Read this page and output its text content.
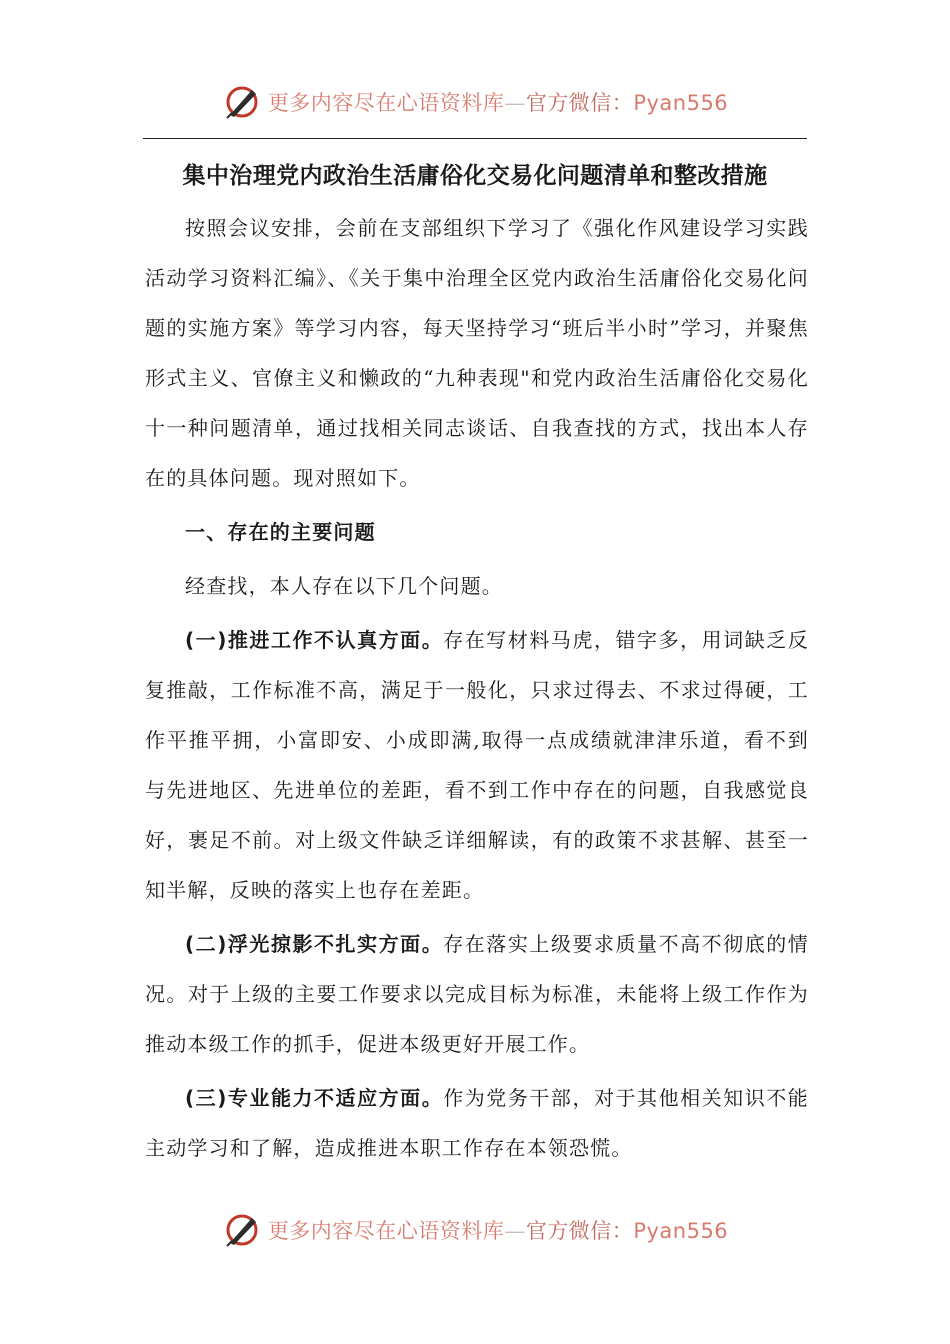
更多内容尽在心语资料库—官方微信：Pyan556
集中治理党内政治生活庸俗化交易化问题清单和整改措施

按照会议安排，会前在支部组织下学习了《强化作风建设学习实践活动学习资料汇编》、《关于集中治理全区党内政治生活庸俗化交易化问题的实施方案》等学习内容，每天坚持学习“班后半小时”学习，并聚焦形式主义、官僚主义和懒政的“九种表现"和党内政治生活庸俗化交易化十一种问题清单，通过找相关同志谈话、自我查找的方式，找出本人存在的具体问题。现对照如下。

一、存在的主要问题

经查找，本人存在以下几个问题。

(一)推进工作不认真方面。存在写材料马虎，错字多，用词缺乏反复推敲，工作标准不高，满足于一般化，只求过得去、不求过得硬，工作平推平拥，小富即安、小成即满,取得一点成绩就津津乐道，看不到与先进地区、先进单位的差距，看不到工作中存在的问题，自我感觉良好，裹足不前。对上级文件缺乏详细解读，有的政策不求甚解、甚至一知半解，反映的落实上也存在差距。

(二)浮光掠影不扎实方面。存在落实上级要求质量不高不彻底的情况。对于上级的主要工作要求以完成目标为标准，未能将上级工作作为推动本级工作的抓手，促进本级更好开展工作。

(三)专业能力不适应方面。作为党务干部，对于其他相关知识不能主动学习和了解，造成推进本职工作存在本领恐慌。

更多内容尽在心语资料库—官方微信：Pyan556
